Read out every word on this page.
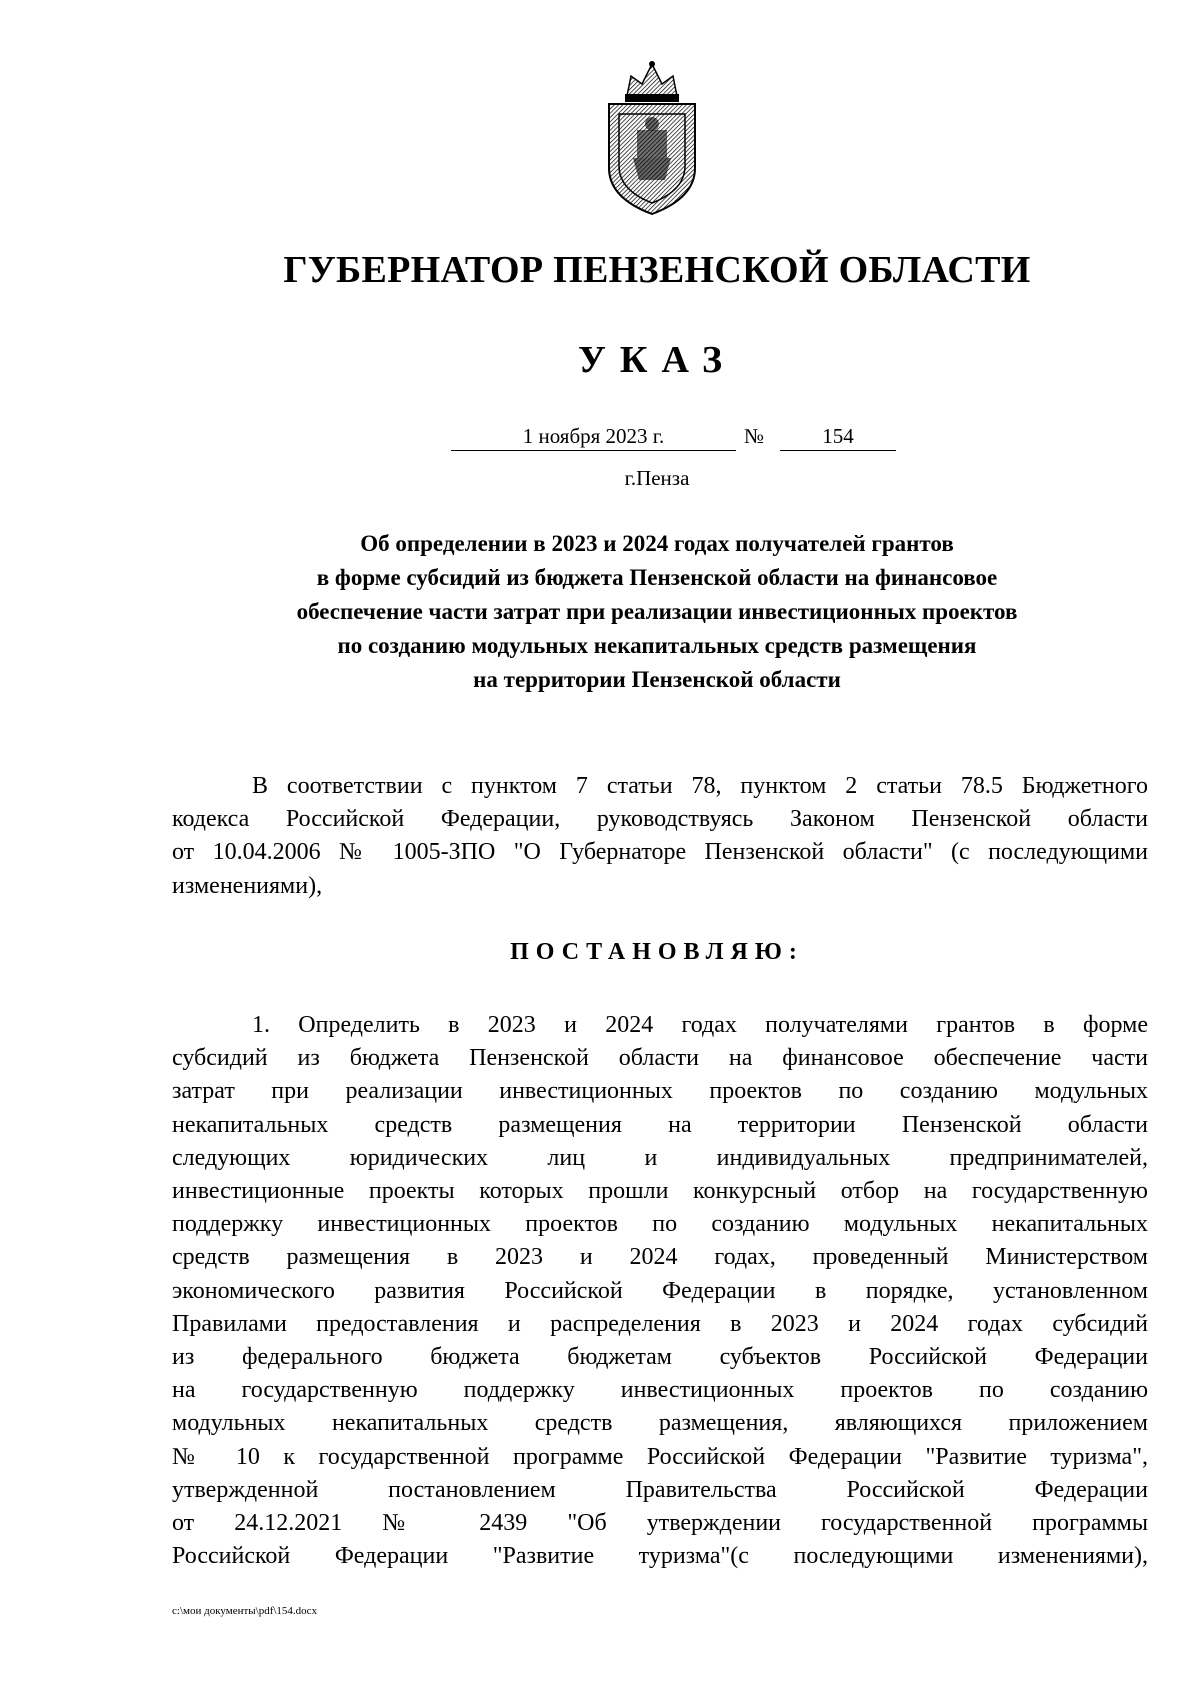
ГУБЕРНАТОР ПЕНЗЕНСКОЙ ОБЛАСТИ
УКАЗ
1 ноября 2023 г.	№	154
г.Пенза
Об определении в 2023 и 2024 годах получателей грантов
в форме субсидий из бюджета Пензенской области на финансовое
обеспечение части затрат при реализации инвестиционных проектов
по созданию модульных некапитальных средств размещения
на территории Пензенской области
В соответствии с пунктом 7 статьи 78, пунктом 2 статьи 78.5 Бюджетного
кодекса Российской Федерации, руководствуясь Законом Пензенской области
от 10.04.2006 № 1005-ЗПО "О Губернаторе Пензенской области" (с последующими
изменениями),
ПОСТАНОВЛЯЮ:
1. Определить в 2023 и 2024 годах получателями грантов в форме
субсидий из бюджета Пензенской области на финансовое обеспечение части
затрат при реализации инвестиционных проектов по созданию модульных
некапитальных средств размещения на территории Пензенской области
следующих юридических лиц и индивидуальных предпринимателей,
инвестиционные проекты которых прошли конкурсный отбор на государственную
поддержку инвестиционных проектов по созданию модульных некапитальных
средств размещения в 2023 и 2024 годах, проведенный Министерством
экономического развития Российской Федерации в порядке, установленном
Правилами предоставления и распределения в 2023 и 2024 годах субсидий
из федерального бюджета бюджетам субъектов Российской Федерации
на государственную поддержку инвестиционных проектов по созданию
модульных некапитальных средств размещения, являющихся приложением
№ 10 к государственной программе Российской Федерации "Развитие туризма",
утвержденной постановлением Правительства Российской Федерации
от 24.12.2021 № 2439 "Об утверждении государственной программы
Российской Федерации "Развитие туризма"(с последующими изменениями),
c:\мои документы\pdf\154.docx
